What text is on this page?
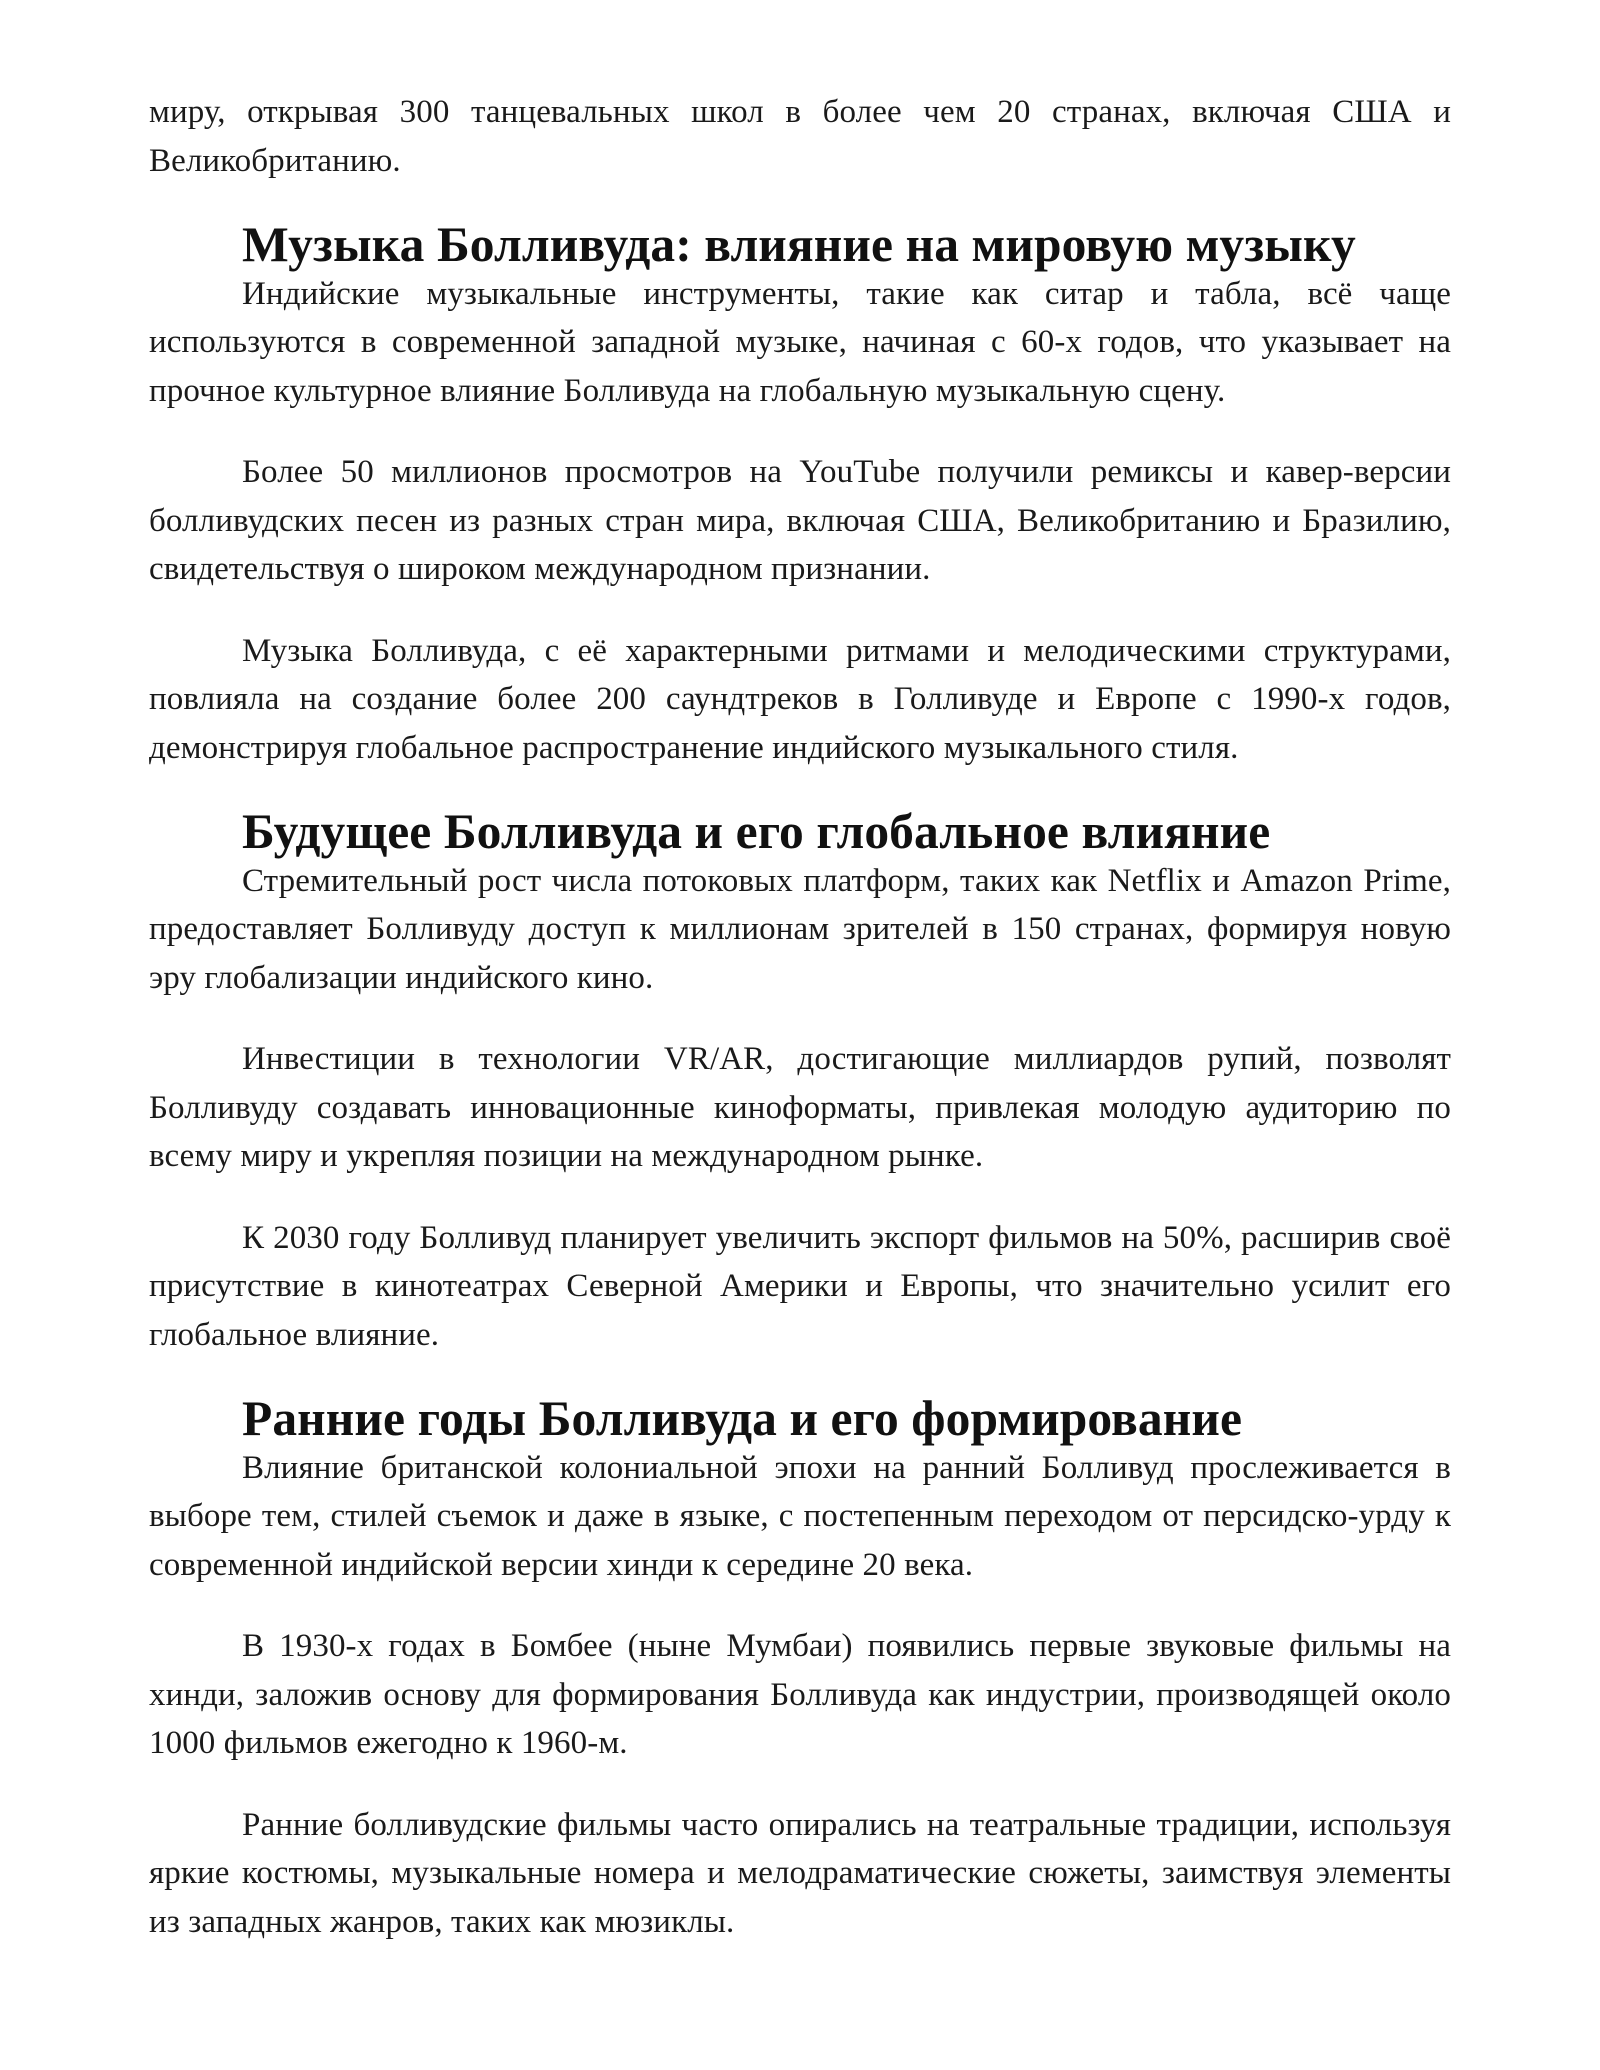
миру, открывая 300 танцевальных школ в более чем 20 странах, включая США и Великобританию.

Музыка Болливуда: влияние на мировую музыку

Индийские музыкальные инструменты, такие как ситар и табла, всё чаще используются в современной западной музыке, начиная с 60-х годов, что указывает на прочное культурное влияние Болливуда на глобальную музыкальную сцену.

Более 50 миллионов просмотров на YouTube получили ремиксы и кавер-версии болливудских песен из разных стран мира, включая США, Великобританию и Бразилию, свидетельствуя о широком международном признании.

Музыка Болливуда, с её характерными ритмами и мелодическими структурами, повлияла на создание более 200 саундтреков в Голливуде и Европе с 1990-х годов, демонстрируя глобальное распространение индийского музыкального стиля.

Будущее Болливуда и его глобальное влияние

Стремительный рост числа потоковых платформ, таких как Netflix и Amazon Prime, предоставляет Болливуду доступ к миллионам зрителей в 150 странах, формируя новую эру глобализации индийского кино.

Инвестиции в технологии VR/AR, достигающие миллиардов рупий, позволят Болливуду создавать инновационные киноформаты, привлекая молодую аудиторию по всему миру и укрепляя позиции на международном рынке.

К 2030 году Болливуд планирует увеличить экспорт фильмов на 50%, расширив своё присутствие в кинотеатрах Северной Америки и Европы, что значительно усилит его глобальное влияние.

Ранние годы Болливуда и его формирование

Влияние британской колониальной эпохи на ранний Болливуд прослеживается в выборе тем, стилей съемок и даже в языке, с постепенным переходом от персидско-урду к современной индийской версии хинди к середине 20 века.

В 1930-х годах в Бомбее (ныне Мумбаи) появились первые звуковые фильмы на хинди, заложив основу для формирования Болливуда как индустрии, производящей около 1000 фильмов ежегодно к 1960-м.

Ранние болливудские фильмы часто опирались на театральные традиции, используя яркие костюмы, музыкальные номера и мелодраматические сюжеты, заимствуя элементы из западных жанров, таких как мюзиклы.
